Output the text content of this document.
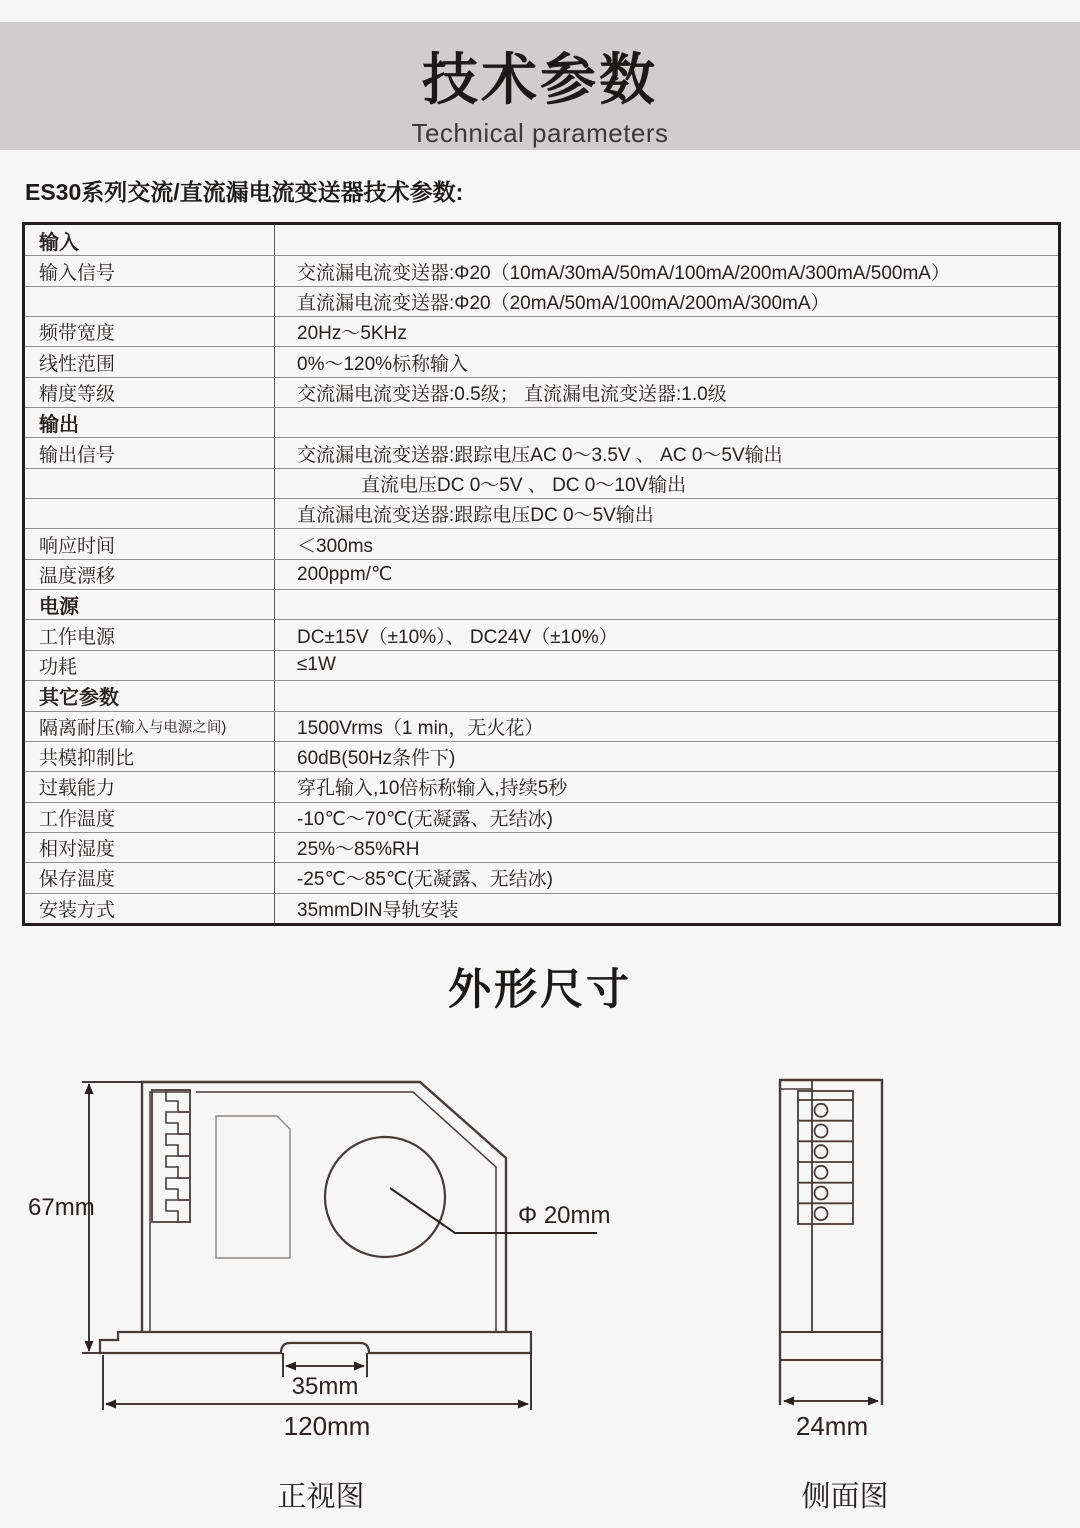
技术参数
Technical parameters
ES30系列交流/直流漏电流变送器技术参数:
输入
输入信号	交流漏电流变送器:Φ20（10mA/30mA/50mA/100mA/200mA/300mA/500mA）
直流漏电流变送器:Φ20（20mA/50mA/100mA/200mA/300mA）
频带宽度	20Hz～5KHz
线性范围	0%～120%标称输入
精度等级	交流漏电流变送器:0.5级； 直流漏电流变送器:1.0级
输出
输出信号	交流漏电流变送器:跟踪电压AC 0～3.5V 、 AC 0～5V输出
直流电压DC 0～5V 、 DC 0～10V输出
直流漏电流变送器:跟踪电压DC 0～5V输出
响应时间	＜300ms
温度漂移	200ppm/℃
电源
工作电源	DC±15V（±10%）、 DC24V（±10%）
功耗	≤1W
其它参数
隔离耐压 (输入与电源之间)	1500Vrms（1 min，无火花）
共模抑制比	60dB(50Hz条件下)
过载能力	穿孔输入,10倍标称输入,持续5秒
工作温度	-10℃～70℃(无凝露、无结冰)
相对湿度	25%～85%RH
保存温度	-25℃～85℃(无凝露、无结冰)
安装方式	35mmDIN导轨安装
外形尺寸
67mm	Φ 20mm
35mm
120mm	24mm
正视图	侧面图
